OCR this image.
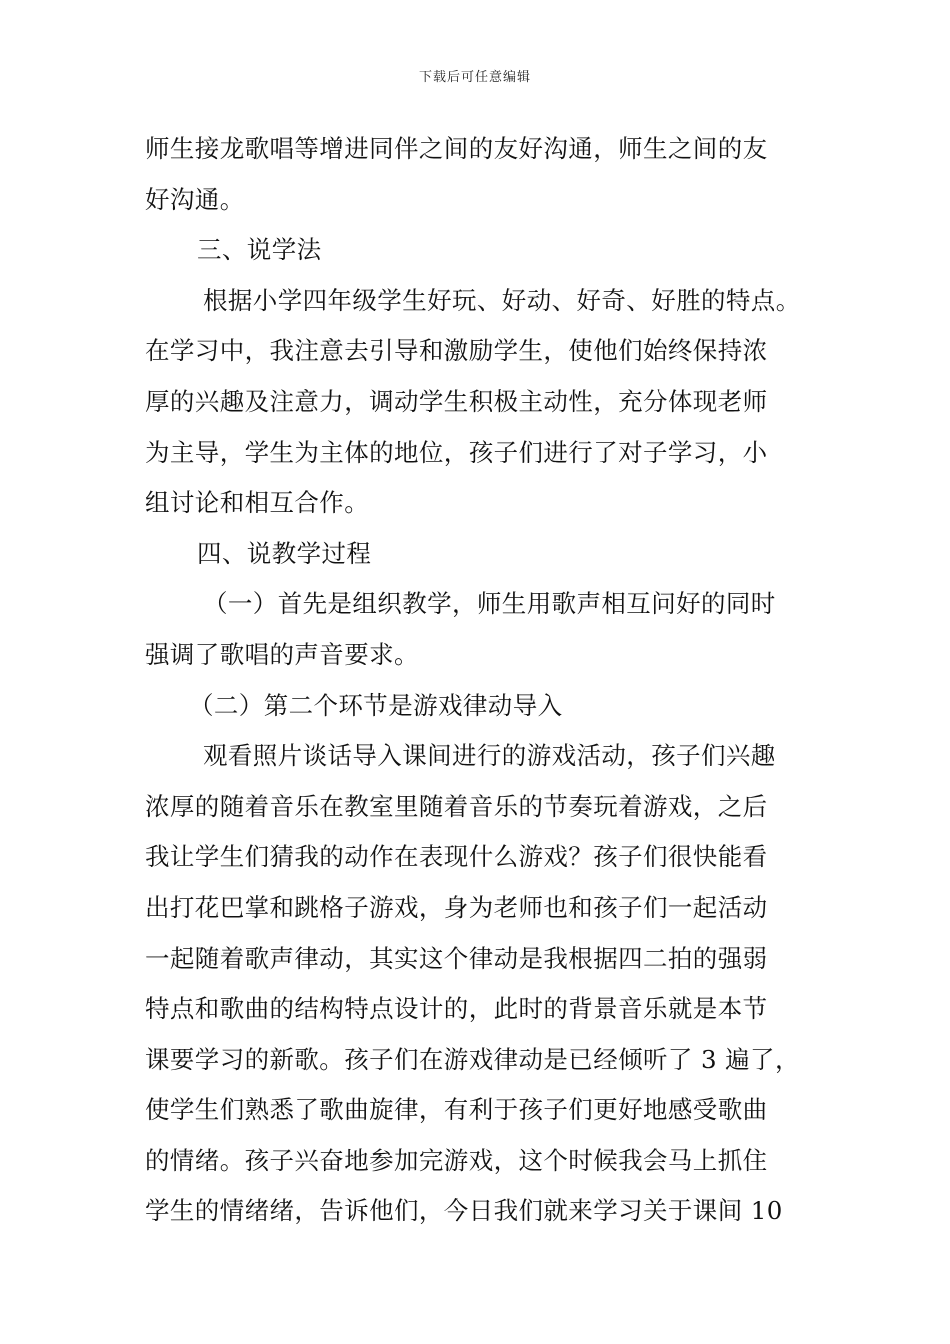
下载后可任意编辑
师生接龙歌唱等增进同伴之间的友好沟通，师生之间的友
好沟通。
三、说学法
根据小学四年级学生好玩、好动、好奇、好胜的特点。
在学习中，我注意去引导和激励学生，使他们始终保持浓
厚的兴趣及注意力，调动学生积极主动性，充分体现老师
为主导，学生为主体的地位，孩子们进行了对子学习，小
组讨论和相互合作。
四、说教学过程
（一）首先是组织教学，师生用歌声相互问好的同时
强调了歌唱的声音要求。
（二）第二个环节是游戏律动导入
观看照片谈话导入课间进行的游戏活动，孩子们兴趣
浓厚的随着音乐在教室里随着音乐的节奏玩着游戏，之后
我让学生们猜我的动作在表现什么游戏？孩子们很快能看
出打花巴掌和跳格子游戏，身为老师也和孩子们一起活动
一起随着歌声律动，其实这个律动是我根据四二拍的强弱
特点和歌曲的结构特点设计的，此时的背景音乐就是本节
课要学习的新歌。孩子们在游戏律动是已经倾听了 3 遍了，
使学生们熟悉了歌曲旋律，有利于孩子们更好地感受歌曲
的情绪。孩子兴奋地参加完游戏，这个时候我会马上抓住
学生的情绪绪，告诉他们，今日我们就来学习关于课间 10
